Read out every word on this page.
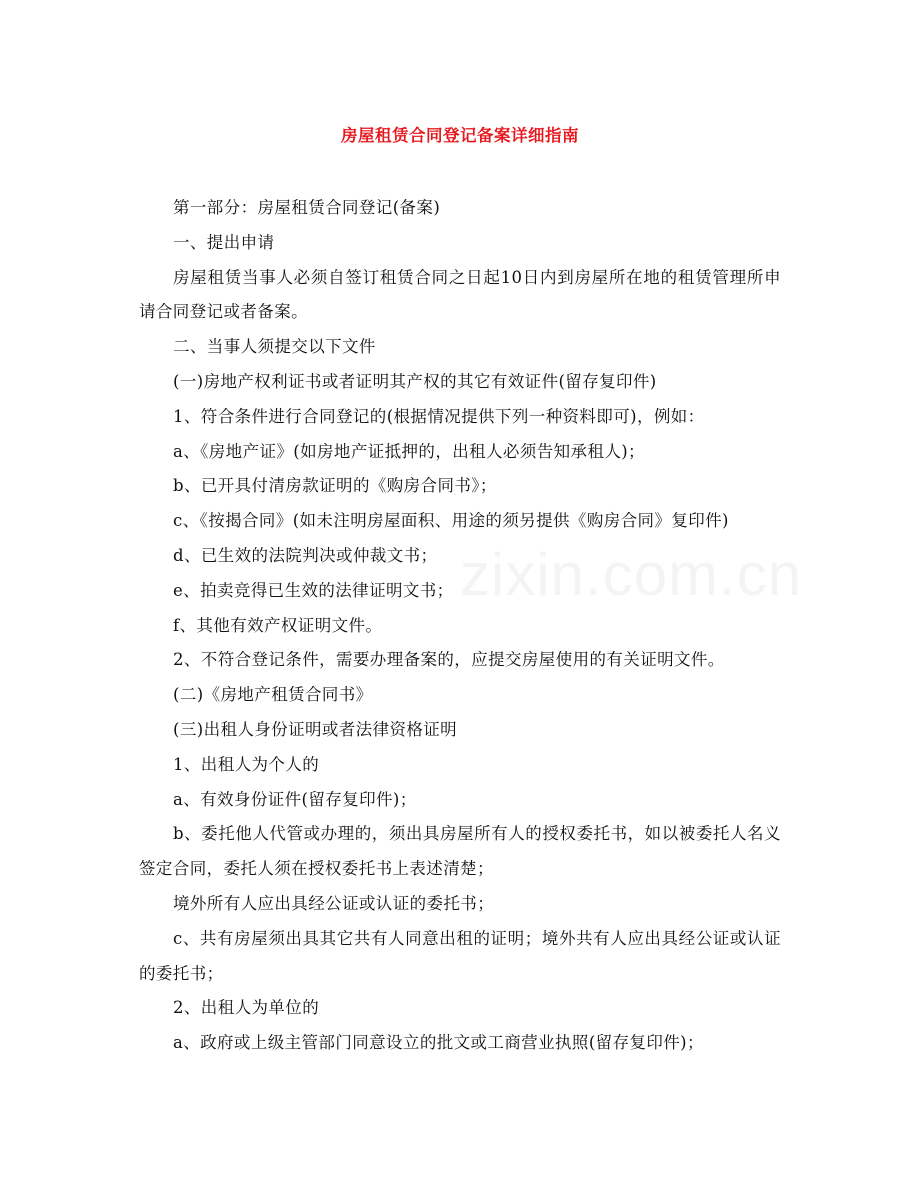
房屋租赁合同登记备案详细指南

第一部分：房屋租赁合同登记(备案)

一、提出申请

房屋租赁当事人必须自签订租赁合同之日起10日内到房屋所在地的租赁管理所申请合同登记或者备案。

二、当事人须提交以下文件

(一)房地产权利证书或者证明其产权的其它有效证件(留存复印件)

1、符合条件进行合同登记的(根据情况提供下列一种资料即可)，例如：

a、《房地产证》(如房地产证抵押的，出租人必须告知承租人)；

b、已开具付清房款证明的《购房合同书》；

c、《按揭合同》(如未注明房屋面积、用途的须另提供《购房合同》复印件)

d、已生效的法院判决或仲裁文书；

e、拍卖竞得已生效的法律证明文书；

f、其他有效产权证明文件。

2、不符合登记条件，需要办理备案的，应提交房屋使用的有关证明文件。

(二)《房地产租赁合同书》

(三)出租人身份证明或者法律资格证明

1、出租人为个人的

a、有效身份证件(留存复印件)；

b、委托他人代管或办理的，须出具房屋所有人的授权委托书，如以被委托人名义签定合同，委托人须在授权委托书上表述清楚；

境外所有人应出具经公证或认证的委托书；

c、共有房屋须出具其它共有人同意出租的证明；境外共有人应出具经公证或认证的委托书；

2、出租人为单位的

a、政府或上级主管部门同意设立的批文或工商营业执照(留存复印件)；

zixin.com.cn
